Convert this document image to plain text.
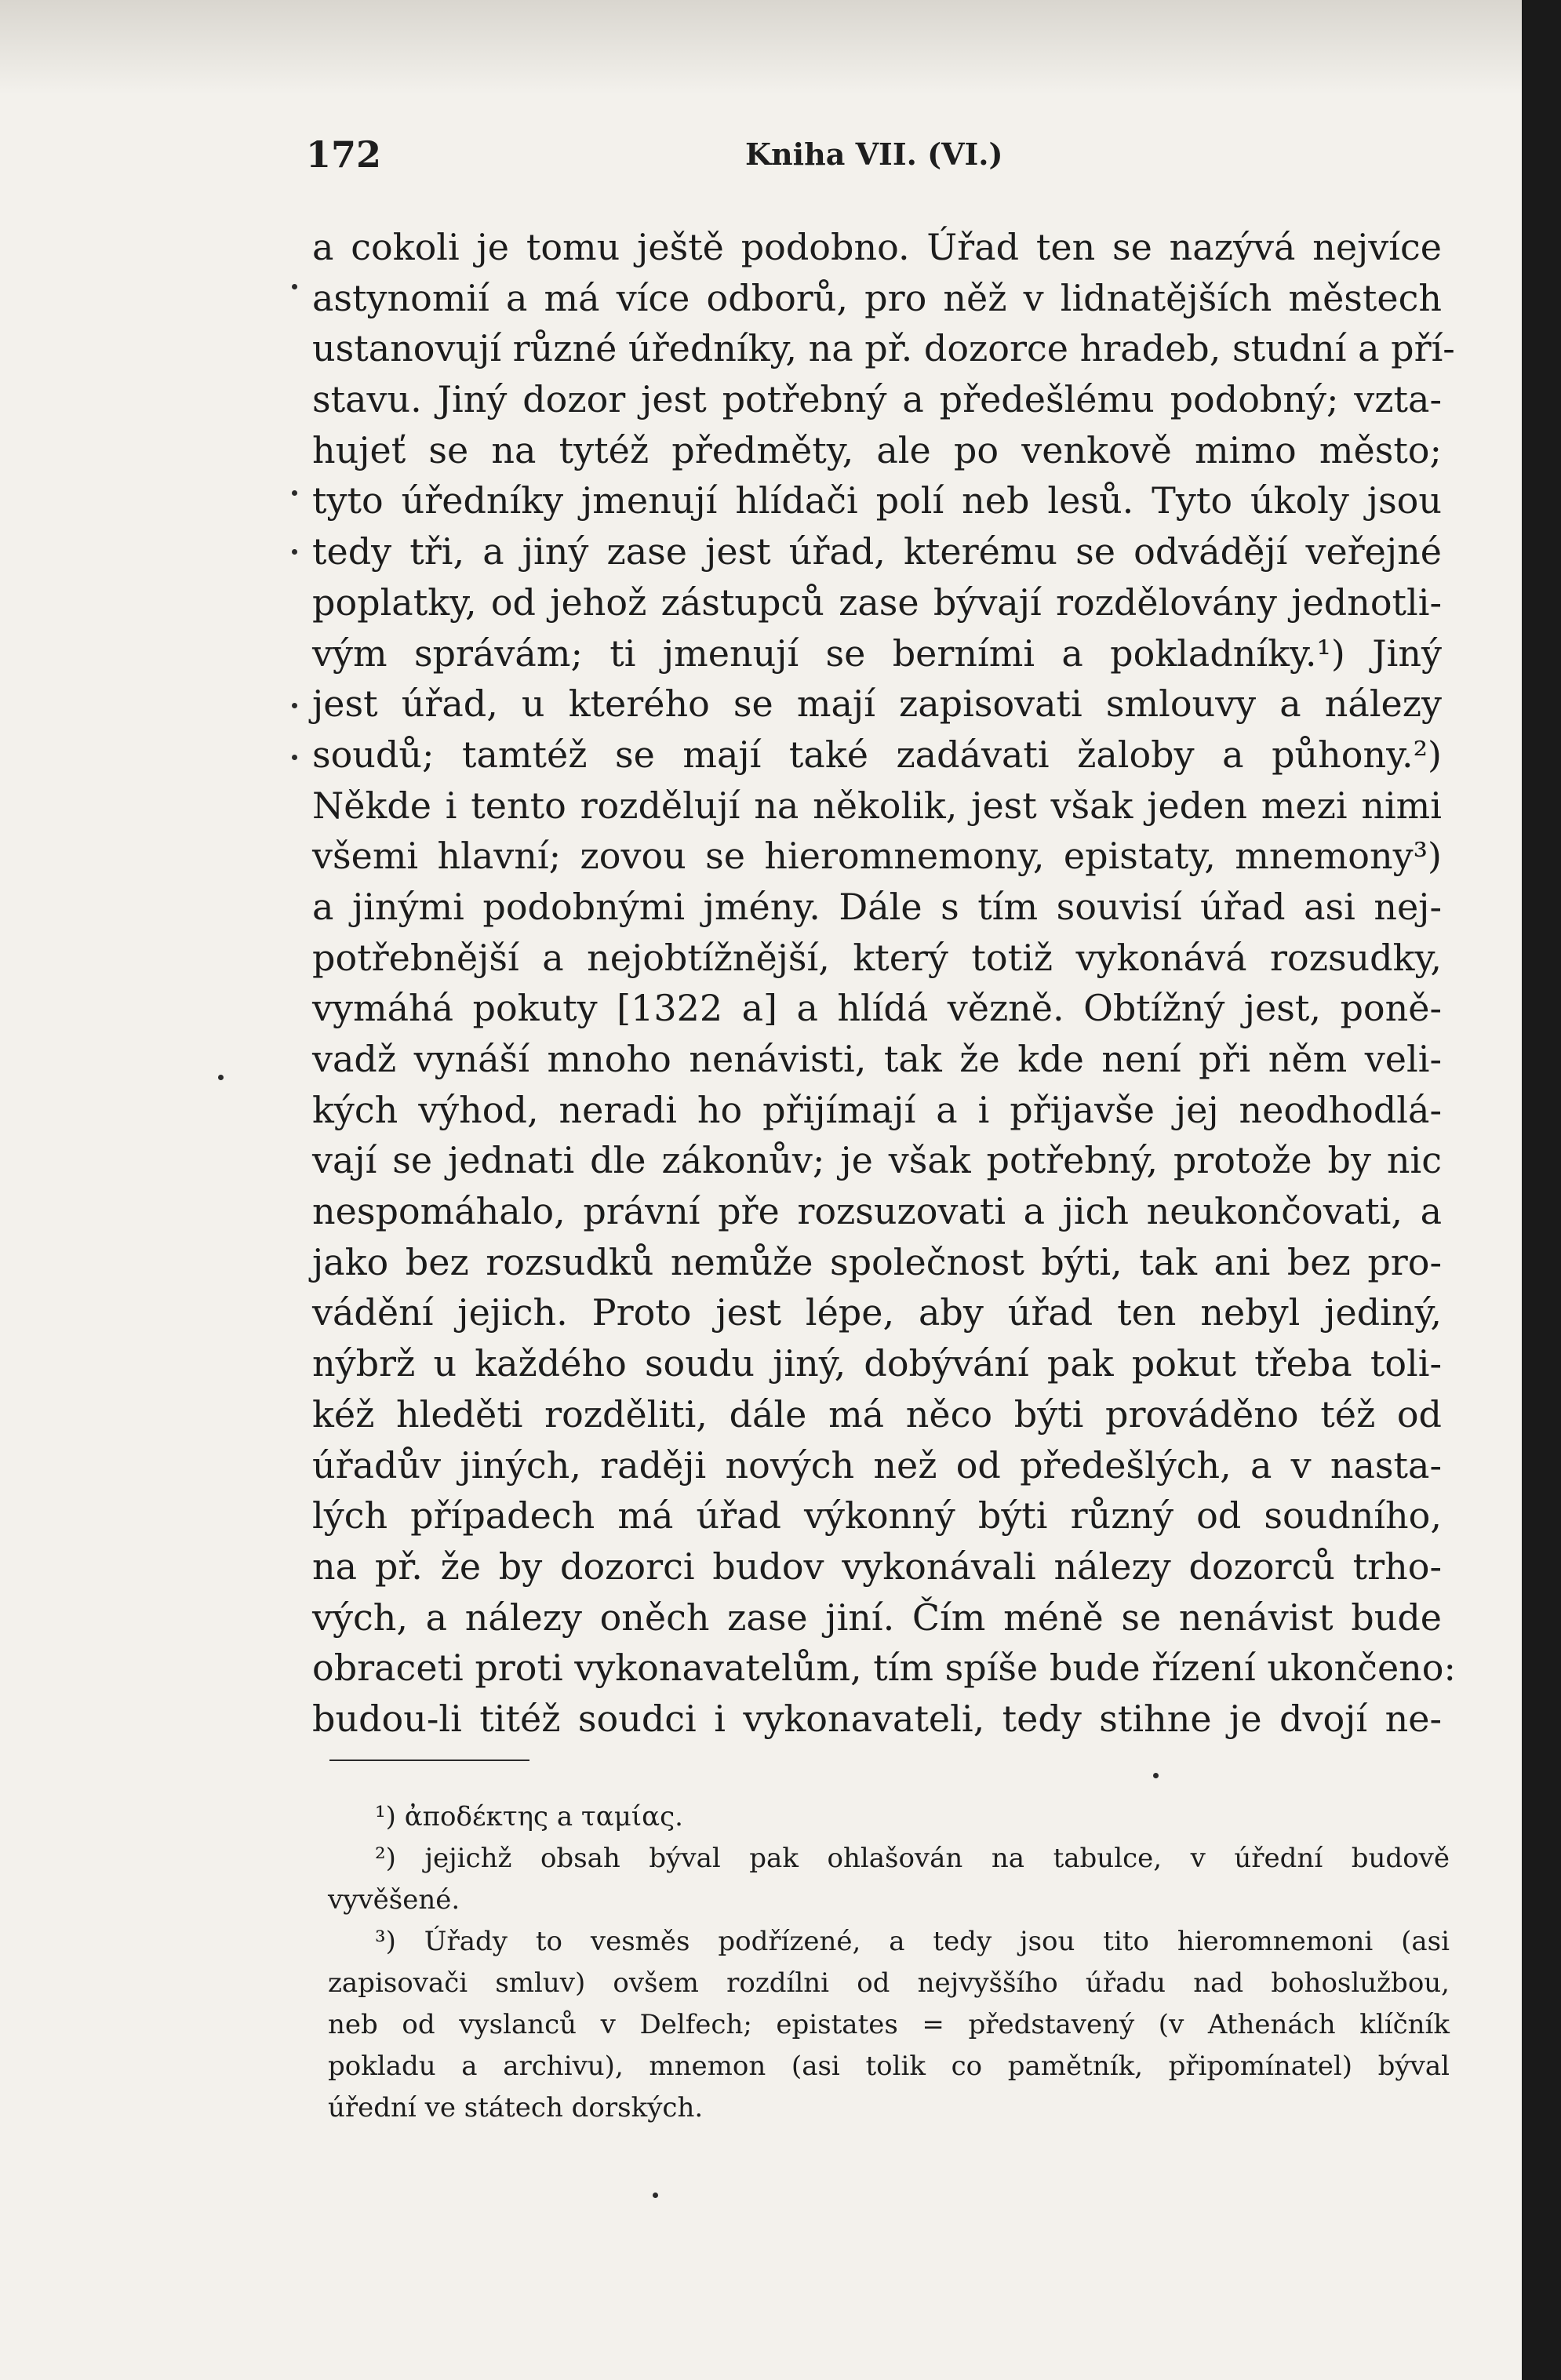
172	Kniha VII. (VI.)
a cokoli je tomu ještě podobno. Úřad ten se nazývá nejvíce
astynomií a má více odborů, pro něž v lidnatějších městech
ustanovují různé úředníky, na př. dozorce hradeb, studní a pří-
stavu. Jiný dozor jest potřebný a předešlému podobný; vzta-
hujeť se na tytéž předměty, ale po venkově mimo město;
tyto úředníky jmenují hlídači polí neb lesů. Tyto úkoly jsou
tedy tři, a jiný zase jest úřad, kterému se odvádějí veřejné
poplatky, od jehož zástupců zase bývají rozdělovány jednotli-
vým správám; ti jmenují se berními a pokladníky.¹) Jiný
jest úřad, u kterého se mají zapisovati smlouvy a nálezy
soudů; tamtéž se mají také zadávati žaloby a půhony.²)
Někde i tento rozdělují na několik, jest však jeden mezi nimi
všemi hlavní; zovou se hieromnemony, epistaty, mnemony³)
a jinými podobnými jmény. Dále s tím souvisí úřad asi nej-
potřebnější a nejobtížnější, který totiž vykonává rozsudky,
vymáhá pokuty [1322 a] a hlídá vězně. Obtížný jest, poně-
vadž vynáší mnoho nenávisti, tak že kde není při něm veli-
kých výhod, neradi ho přijímají a i přijavše jej neodhodlá-
vají se jednati dle zákonův; je však potřebný, protože by nic
nespomáhalo, právní pře rozsuzovati a jich neukončovati, a
jako bez rozsudků nemůže společnost býti, tak ani bez pro-
vádění jejich. Proto jest lépe, aby úřad ten nebyl jediný,
nýbrž u každého soudu jiný, dobývání pak pokut třeba toli-
kéž hleděti rozděliti, dále má něco býti prováděno též od
úřadův jiných, raději nových než od předešlých, a v nasta-
lých případech má úřad výkonný býti různý od soudního,
na př. že by dozorci budov vykonávali nálezy dozorců trho-
vých, a nálezy oněch zase jiní. Čím méně se nenávist bude
obraceti proti vykonavatelům, tím spíše bude řízení ukončeno:
budou-li titéž soudci i vykonavateli, tedy stihne je dvojí ne-
¹) ἀποδέκτης a ταμίας.
²) jejichž obsah býval pak ohlašován na tabulce, v úřední budově
vyvěšené.
³) Úřady to vesměs podřízené, a tedy jsou tito hieromnemoni (asi
zapisovači smluv) ovšem rozdílni od nejvyššího úřadu nad bohoslužbou,
neb od vyslanců v Delfech; epistates = představený (v Athenách klíčník
pokladu a archivu), mnemon (asi tolik co pamětník, připomínatel) býval
úřední ve státech dorských.
